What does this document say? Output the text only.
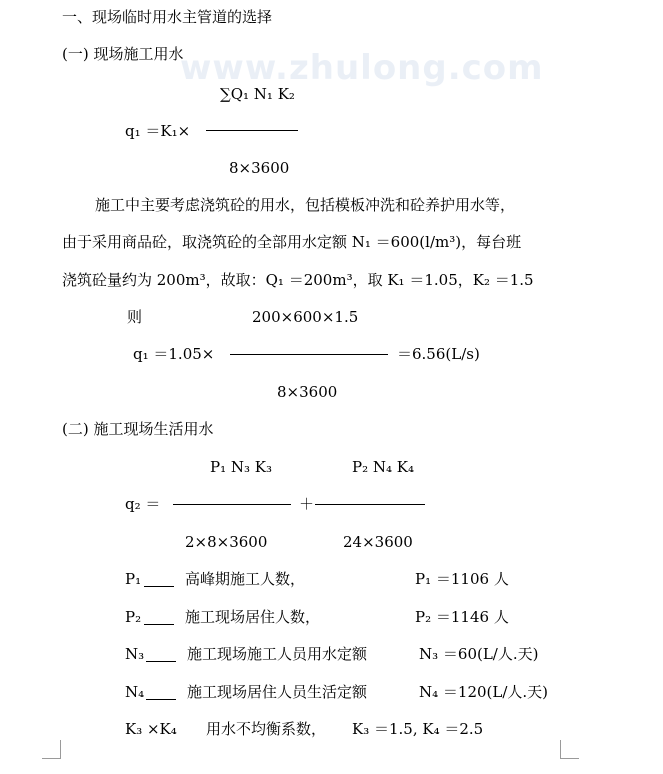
www.zhulong.com
一、现场临时用水主管道的选择
(一) 现场施工用水
∑Q₁ N₁ K₂
q₁ ＝K₁×
8×3600
施工中主要考虑浇筑砼的用水，包括模板冲洗和砼养护用水等，
由于采用商品砼，取浇筑砼的全部用水定额 N₁ ＝600(l/m³)，每台班
浇筑砼量约为 200m³，故取：Q₁ ＝200m³，取 K₁ ＝1.05，K₂ ＝1.5
则	200×600×1.5
q₁ ＝1.05×	＝6.56(L/s)
8×3600
(二) 施工现场生活用水
P₁ N₃ K₃	P₂ N₄ K₄
q₂ ＝	＋
2×8×3600	24×3600
P₁	高峰期施工人数，	P₁ ＝1106 人
P₂	施工现场居住人数，	P₂ ＝1146 人
N₃	施工现场施工人员用水定额	N₃ ＝60(L/人.天)
N₄	施工现场居住人员生活定额	N₄ ＝120(L/人.天)
K₃ ×K₄ 用水不均衡系数， K₃ ＝1.5, K₄ ＝2.5
